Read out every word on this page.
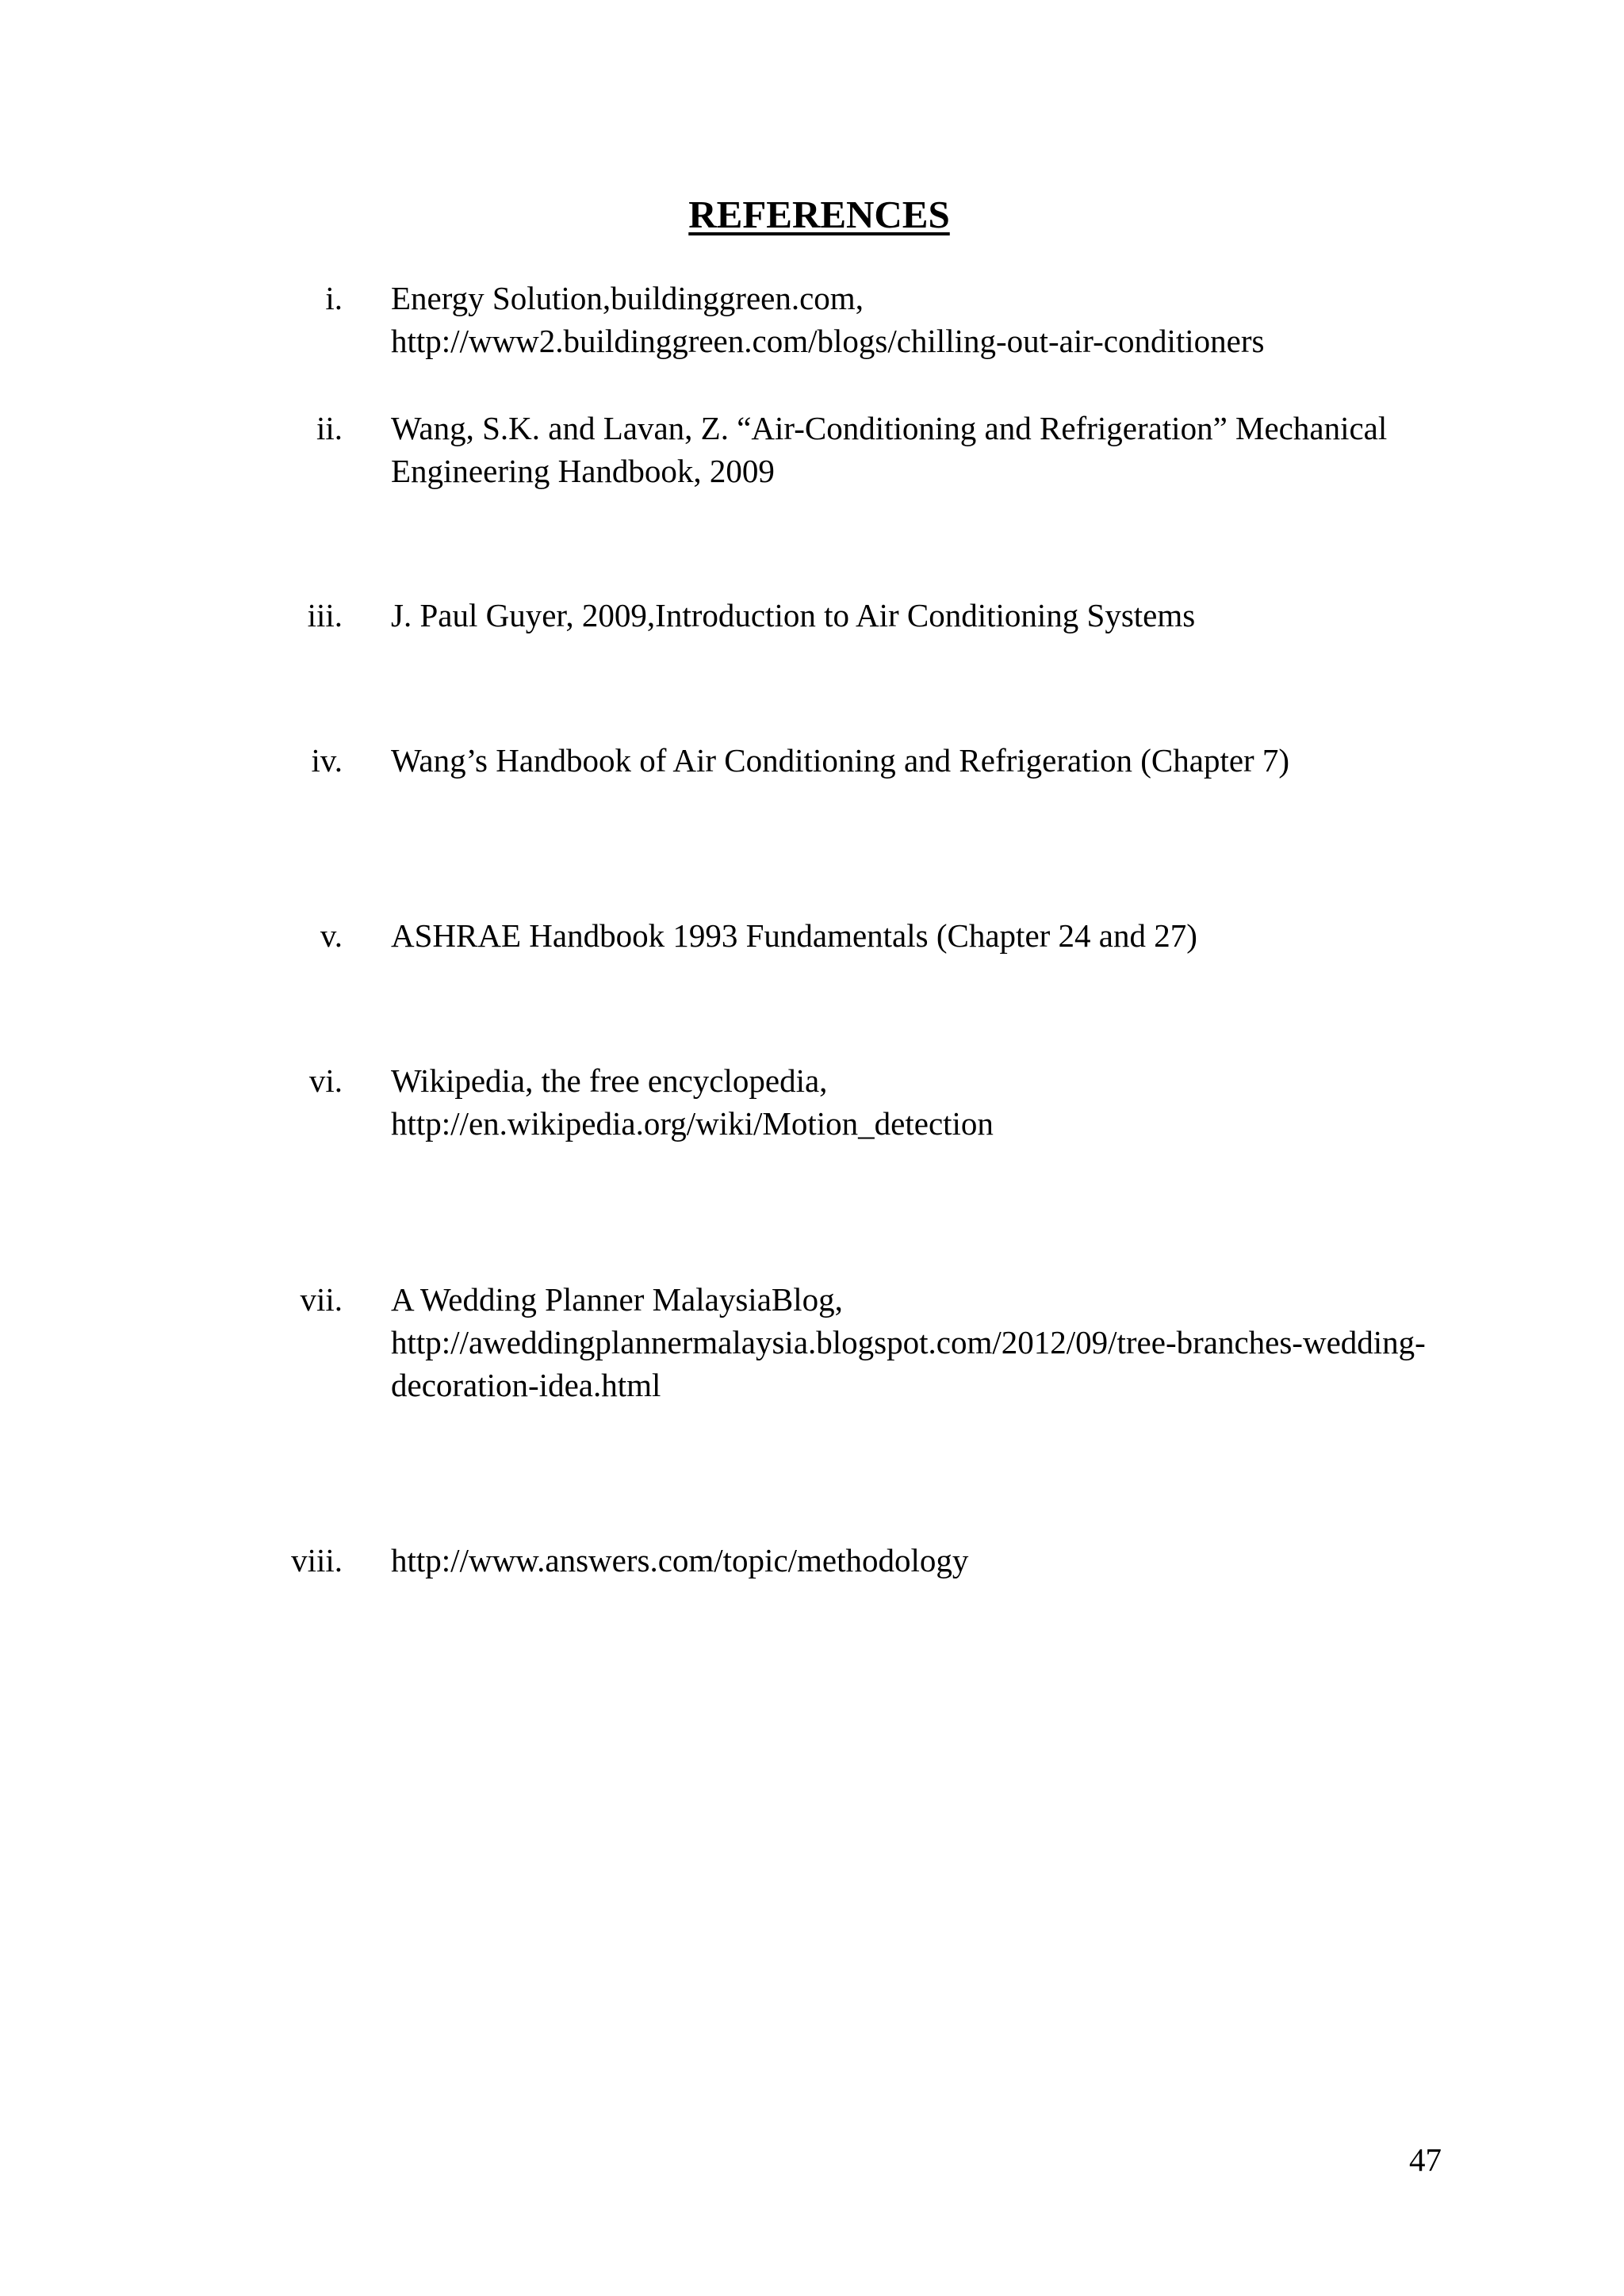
REFERENCES
i. Energy Solution,buildinggreen.com,
http://www2.buildinggreen.com/blogs/chilling-out-air-conditioners
ii. Wang, S.K. and Lavan, Z. “Air-Conditioning and Refrigeration” Mechanical
Engineering Handbook, 2009
iii. J. Paul Guyer, 2009,Introduction to Air Conditioning Systems
iv. Wang’s Handbook of Air Conditioning and Refrigeration (Chapter 7)
v. ASHRAE Handbook 1993 Fundamentals (Chapter 24 and 27)
vi. Wikipedia, the free encyclopedia,
http://en.wikipedia.org/wiki/Motion_detection
vii. A Wedding Planner MalaysiaBlog,
http://aweddingplannermalaysia.blogspot.com/2012/09/tree-branches-wedding-
decoration-idea.html
viii. http://www.answers.com/topic/methodology
47
